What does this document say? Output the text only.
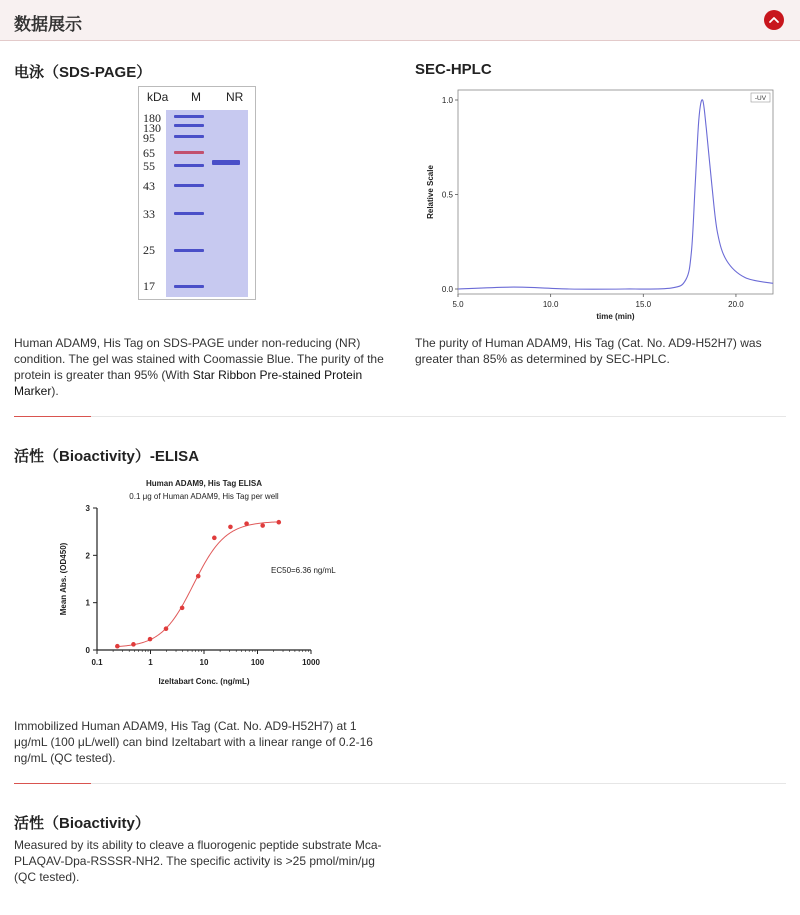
数据展示
电泳（SDS-PAGE）
kDa M NR
180
130
95
65
55
43
33
25
17
Human ADAM9, His Tag on SDS-PAGE under non-reducing (NR) condition. The gel was stained with Coomassie Blue. The purity of the protein is greater than 95% (With Star Ribbon Pre-stained Protein Marker).
SEC-HPLC
5.0	10.0	15.0	20.0
0.0
0.5
1.0
time (min)
Relative Scale
-UV
The purity of Human ADAM9, His Tag (Cat. No. AD9-H52H7) was greater than 85% as determined by SEC-HPLC.
活性（Bioactivity）-ELISA
Human ADAM9, His Tag ELISA
0.1 μg of Human ADAM9, His Tag per well
0.1	1	10	100	1000
0
1
2
3
Izeltabart Conc. (ng/mL)
Mean Abs. (OD450)	EC50=6.36 ng/mL
Immobilized Human ADAM9, His Tag (Cat. No. AD9-H52H7) at 1 μg/mL (100 μL/well) can bind Izeltabart with a linear range of 0.2-16 ng/mL (QC tested).
活性（Bioactivity）
Measured by its ability to cleave a fluorogenic peptide substrate Mca-PLAQAV-Dpa-RSSSR-NH2. The specific activity is >25 pmol/min/μg (QC tested).
